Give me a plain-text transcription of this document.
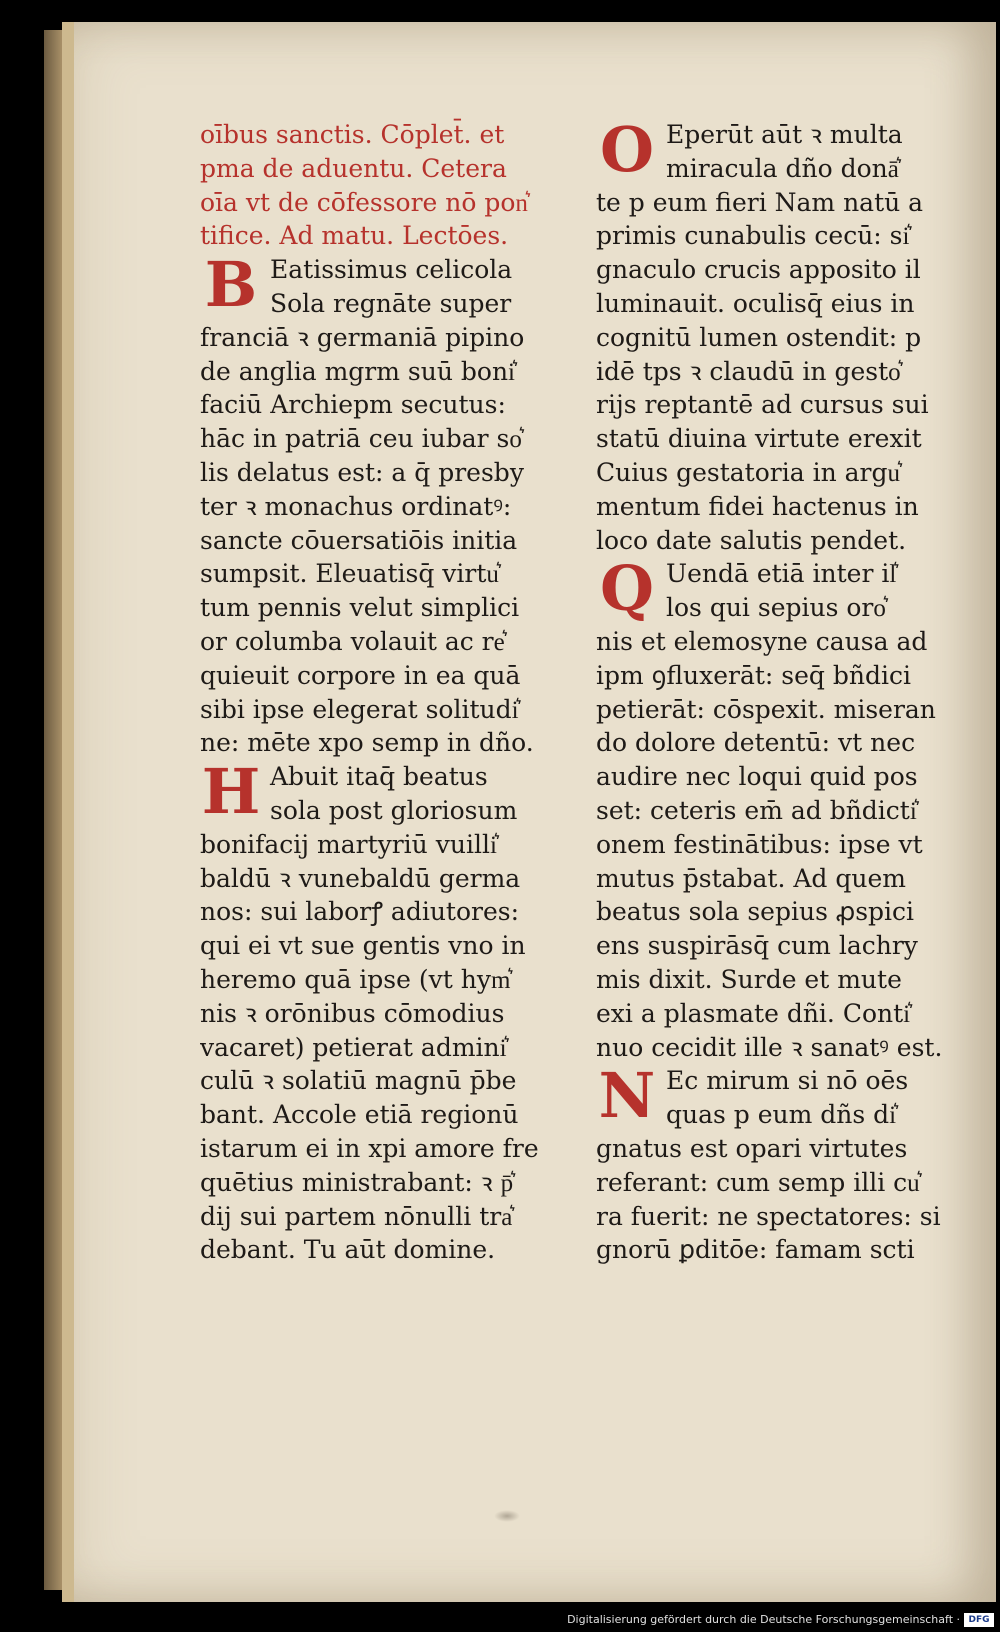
oībus sanctis. Cōplet̄. et
pma de aduentu. Cetera
oīa vt de cōfessore nō pon͛
tifice. Ad matu. Lectōes.
B Eatissimus celicola
Sola regnāte super
franciā ꝛ germaniā pipino
de anglia mgrm suū boni͛
faciū Archiepm secutus:
hāc in patriā ceu iubar so͛
lis delatus est: a q̄ presby
ter ꝛ monachus ordinatꝰ:
sancte cōuersatiōis initia
sumpsit. Eleuatisq̄ virtu͛
tum pennis velut simplici
or columba volauit ac re͛
quieuit corpore in ea quā
sibi ipse elegerat solitudi͛
ne: mēte xpo semp in dño.
H Abuit itaq̄ beatus
sola post gloriosum
bonifacij martyriū vuilli͛
baldū ꝛ vunebaldū germa
nos: sui laborꝭ adiutores:
qui ei vt sue gentis vno in
heremo quā ipse (vt hym͛
nis ꝛ orōnibus cōmodius
vacaret) petierat admini͛
culū ꝛ solatiū magnū p̄be
bant. Accole etiā regionū
istarum ei in xpi amore fre
quētius ministrabant: ꝛ p̄͛
dij sui partem nōnulli tra͛
debant. Tu aūt domine.
O Eperūt aūt ꝛ multa
miracula dño donā͛
te p eum fieri Nam natū a
primis cunabulis cecū: si͛
gnaculo crucis apposito il
luminauit. oculisq̄ eius in
cognitū lumen ostendit: p
idē tps ꝛ claudū in gesto͛
rijs reptantē ad cursus sui
statū diuina virtute erexit
Cuius gestatoria in argu͛
mentum fidei hactenus in
loco date salutis pendet.
Q Uendā etiā inter il͛
los qui sepius oro͛
nis et elemosyne causa ad
ipm ꝯfluxerāt: seq̄ bñdici
petierāt: cōspexit. miseran
do dolore detentū: vt nec
audire nec loqui quid pos
set: ceteris em̄ ad bñdicti͛
onem festinātibus: ipse vt
mutus p̄stabat. Ad quem
beatus sola sepius ꝓspici
ens suspirāsq̄ cum lachry
mis dixit. Surde et mute
exi a plasmate dñi. Conti͛
nuo cecidit ille ꝛ sanatꝰ est.
N Ec mirum si nō oēs
quas p eum dñs di͛
gnatus est opari virtutes
referant: cum semp illi cu͛
ra fuerit: ne spectatores: si
gnorū ꝑditōe: famam scti
Digitalisierung gefördert durch die Deutsche Forschungsgemeinschaft · DFG
